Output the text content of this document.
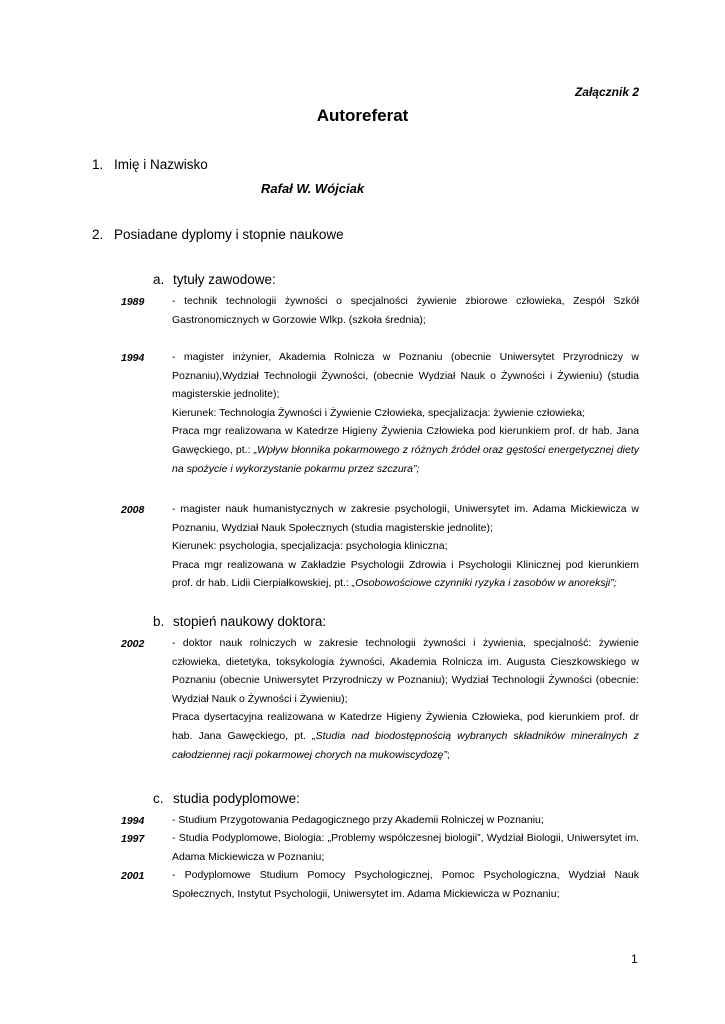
Załącznik 2
Autoreferat
1. Imię i Nazwisko
Rafał W. Wójciak
2. Posiadane dyplomy i stopnie naukowe
a. tytuły zawodowe:
1989	- technik technologii żywności o specjalności żywienie zbiorowe człowieka, Zespół Szkół Gastronomicznych w Gorzowie Wlkp. (szkoła średnia);

1994	- magister inżynier, Akademia Rolnicza w Poznaniu (obecnie Uniwersytet Przyrodniczy w Poznaniu),Wydział Technologii Żywności, (obecnie Wydział Nauk o Żywności i Żywieniu) (studia magisterskie jednolite);

Kierunek: Technologia Żywności i Żywienie Człowieka, specjalizacja: żywienie człowieka;

Praca mgr realizowana w Katedrze Higieny Żywienia Człowieka pod kierunkiem prof. dr hab. Jana Gawęckiego, pt.: „Wpływ błonnika pokarmowego z różnych źródeł oraz gęstości energetycznej diety na spożycie i wykorzystanie pokarmu przez szczura”;

2008	- magister nauk humanistycznych w zakresie psychologii, Uniwersytet im. Adama Mickiewicza w Poznaniu, Wydział Nauk Społecznych (studia magisterskie jednolite);

Kierunek: psychologia, specjalizacja: psychologia kliniczna;

Praca mgr realizowana w Zakładzie Psychologii Zdrowia i Psychologii Klinicznej pod kierunkiem prof. dr hab. Lidii Cierpiałkowskiej, pt.: „Osobowościowe czynniki ryzyka i zasobów w anoreksji”;

b. stopień naukowy doktora:
2002	- doktor nauk rolniczych w zakresie technologii żywności i żywienia, specjalność: żywienie człowieka, dietetyka, toksykologia żywności, Akademia Rolnicza im. Augusta Cieszkowskiego w Poznaniu (obecnie Uniwersytet Przyrodniczy w Poznaniu); Wydział Technologii Żywności (obecnie: Wydział Nauk o Żywności i Żywieniu);

Praca dysertacyjna realizowana w Katedrze Higieny Żywienia Człowieka, pod kierunkiem prof. dr hab. Jana Gawęckiego, pt. „Studia nad biodostępnością wybranych składników mineralnych z całodziennej racji pokarmowej chorych na mukowiscydozę”;

c. studia podyplomowe:
1994	- Studium Przygotowania Pedagogicznego przy Akademii Rolniczej w Poznaniu;

1997	- Studia Podyplomowe, Biologia: „Problemy współczesnej biologii”, Wydział Biologii, Uniwersytet im. Adama Mickiewicza w Poznaniu;

2001	- Podyplomowe Studium Pomocy Psychologicznej, Pomoc Psychologiczna, Wydział Nauk Społecznych, Instytut Psychologii, Uniwersytet im. Adama Mickiewicza w Poznaniu;

1
